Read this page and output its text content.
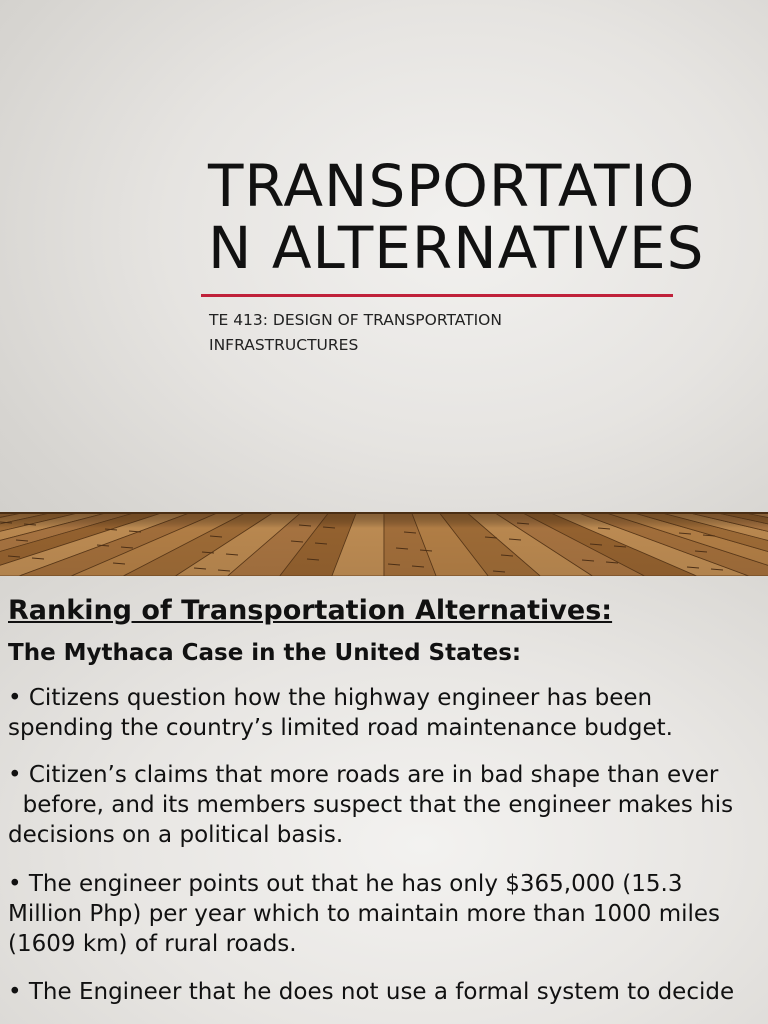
TRANSPORTATIO
N ALTERNATIVES

TE 413: DESIGN OF TRANSPORTATION INFRASTRUCTURES

Ranking of Transportation Alternatives:

The Mythaca Case in the United States:

• Citizens question how the highway engineer has been spending the country’s limited road maintenance budget.

• Citizen’s claims that more roads are in bad shape than ever
before, and its members suspect that the engineer makes his decisions on a political basis.

• The engineer points out that he has only $365,000 (15.3 Million Php) per year which to maintain more than 1000 miles (1609 km) of rural roads.

• The Engineer that he does not use a formal system to decide
